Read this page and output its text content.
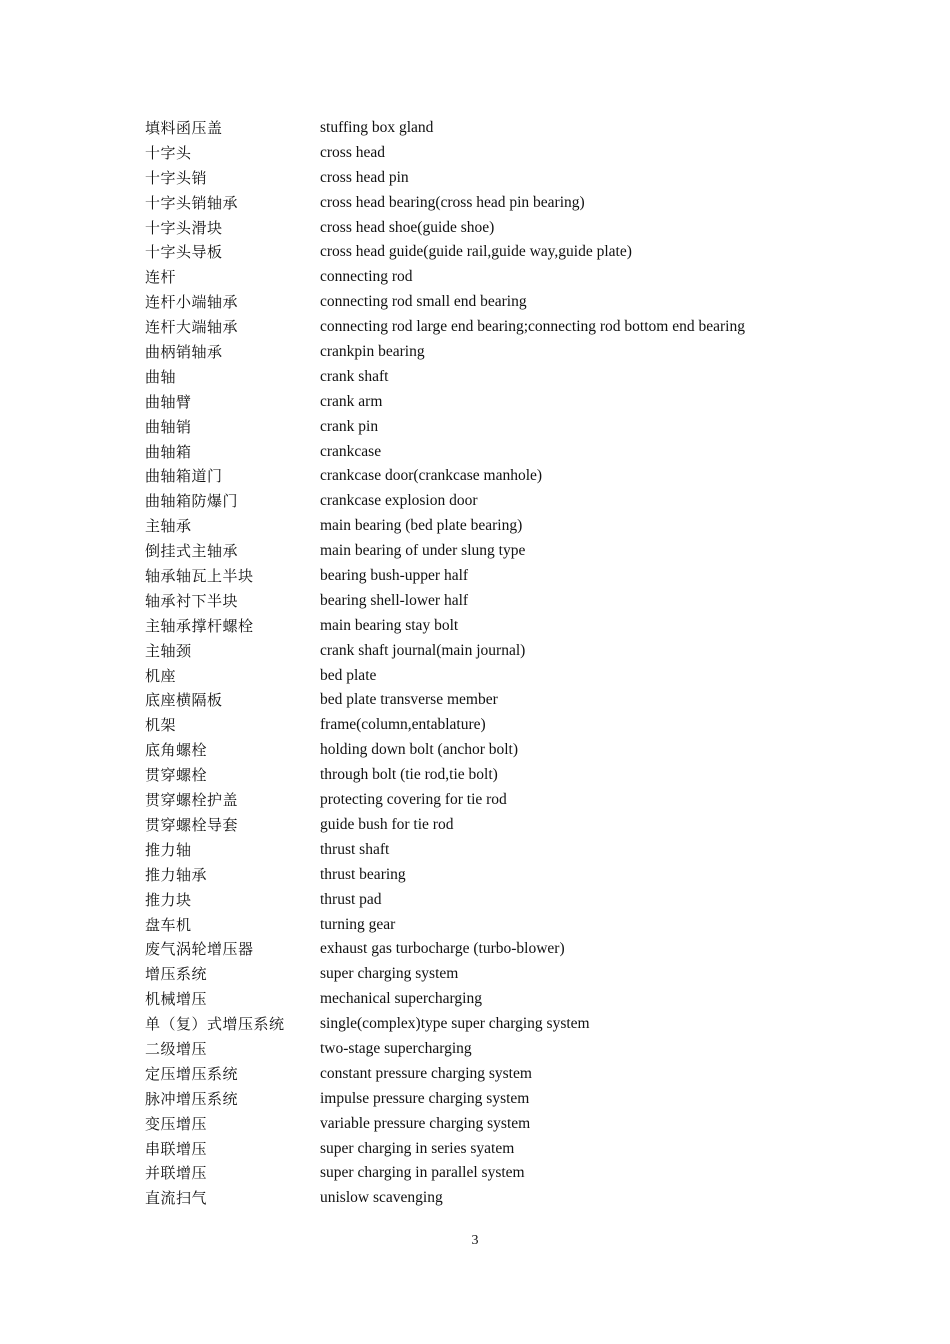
填料函压盖	stuffing box gland
十字头	cross head
十字头销	cross head pin
十字头销轴承	cross head bearing(cross head pin bearing)
十字头滑块	cross head shoe(guide shoe)
十字头导板	cross head guide(guide rail,guide way,guide plate)
连杆	connecting rod
连杆小端轴承	connecting rod small end bearing
连杆大端轴承	connecting rod large end bearing;connecting rod bottom end bearing
曲柄销轴承	crankpin bearing
曲轴	crank shaft
曲轴臂	crank arm
曲轴销	crank pin
曲轴箱	crankcase
曲轴箱道门	crankcase door(crankcase manhole)
曲轴箱防爆门	crankcase explosion door
主轴承	main bearing (bed plate bearing)
倒挂式主轴承	main bearing of under slung type
轴承轴瓦上半块	bearing bush-upper half
轴承衬下半块	bearing shell-lower half
主轴承撑杆螺栓	main bearing stay bolt
主轴颈	crank shaft journal(main journal)
机座	bed plate
底座横隔板	bed plate transverse member
机架	frame(column,entablature)
底角螺栓	holding down bolt (anchor bolt)
贯穿螺栓	through bolt (tie rod,tie bolt)
贯穿螺栓护盖	protecting covering for tie rod
贯穿螺栓导套	guide bush for tie rod
推力轴	thrust shaft
推力轴承	thrust bearing
推力块	thrust pad
盘车机	turning gear
废气涡轮增压器	exhaust gas turbocharge (turbo-blower)
增压系统	super charging system
机械增压	mechanical supercharging
单（复）式增压系统 single(complex)type super charging system
二级增压	two-stage supercharging
定压增压系统	constant pressure charging system
脉冲增压系统	impulse pressure charging system
变压增压	variable pressure charging system
串联增压	super charging in series syatem
并联增压	super charging in parallel system
直流扫气	unislow scavenging
3
